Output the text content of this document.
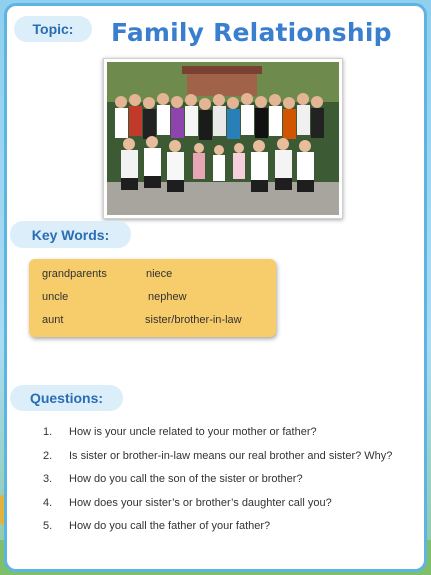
Topic: Family Relationship
Key Words:
grandparents	niece
uncle	nephew
aunt	sister/brother-in-law
Questions:
1.	How is your uncle related to your mother or father?
2.	Is sister or brother-in-law means our real brother and sister? Why?
3.	How do you call the son of the sister or brother?
4.	How does your sister’s or brother’s daughter call you?
5.	How do you call the father of your father?
